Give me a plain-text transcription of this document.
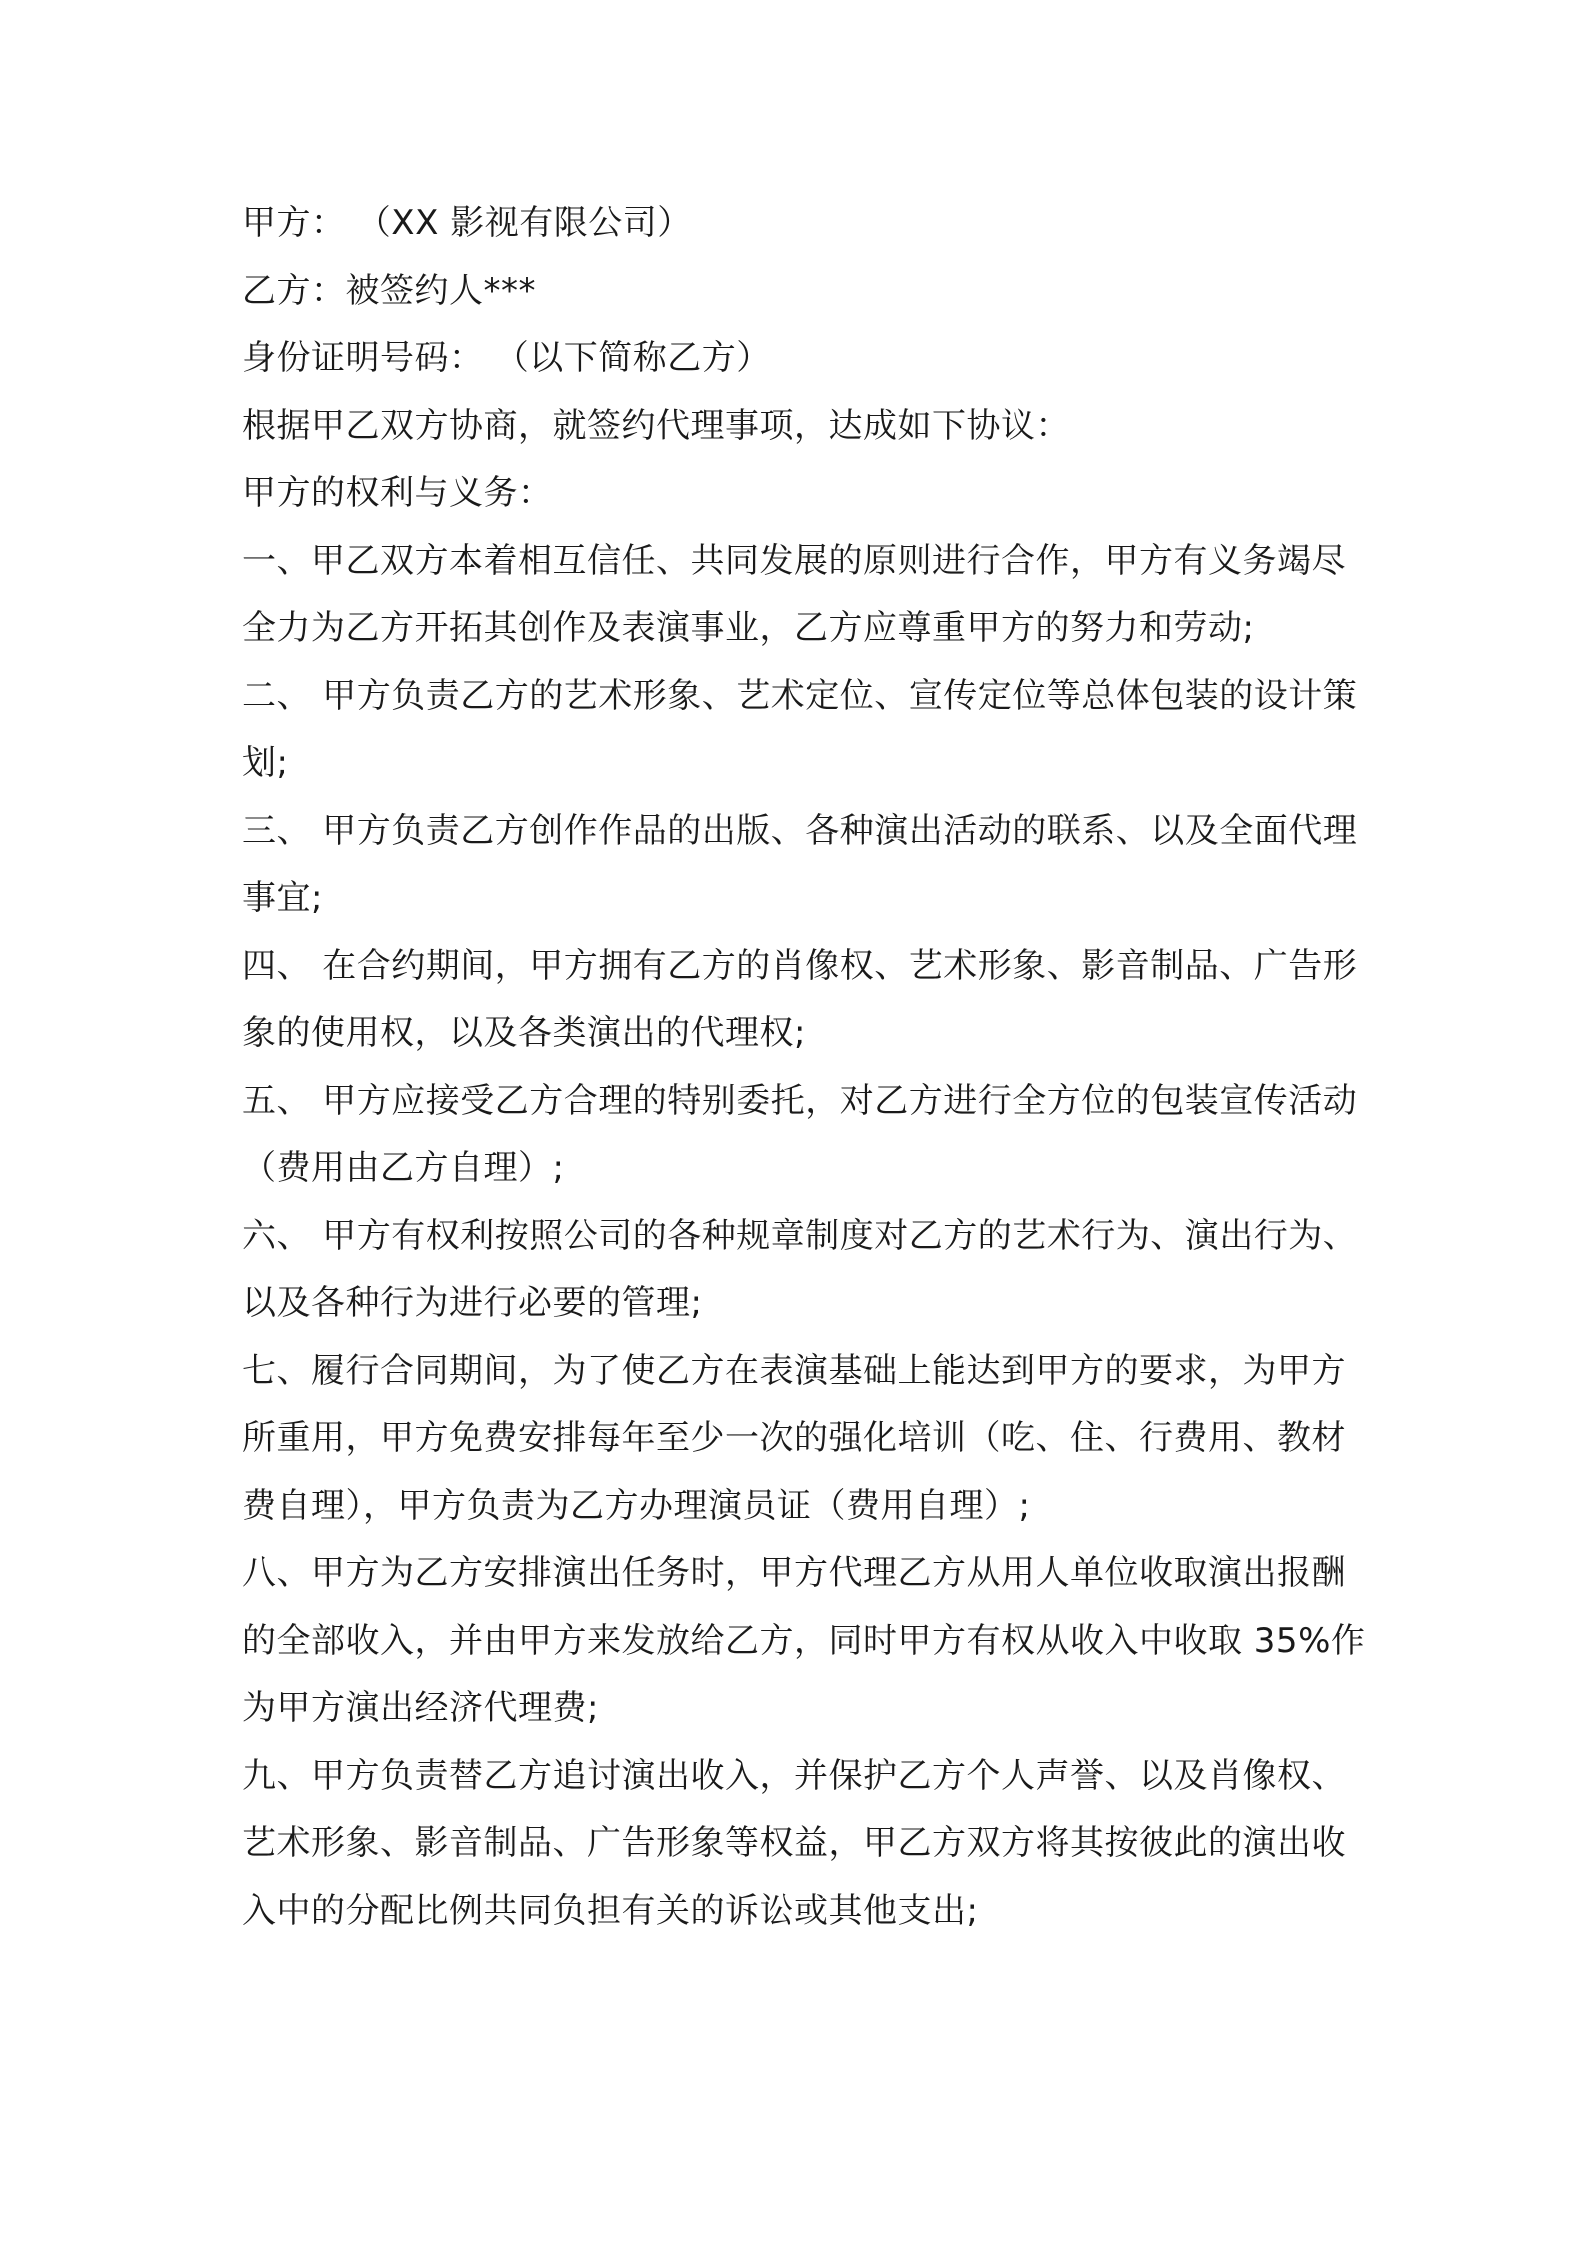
甲方： （XX 影视有限公司）

乙方：被签约人***

身份证明号码： （以下简称乙方）

根据甲乙双方协商，就签约代理事项，达成如下协议：

甲方的权利与义务：

一、甲乙双方本着相互信任、共同发展的原则进行合作，甲方有义务竭尽全力为乙方开拓其创作及表演事业，乙方应尊重甲方的努力和劳动;

二、 甲方负责乙方的艺术形象、艺术定位、宣传定位等总体包装的设计策划;

三、 甲方负责乙方创作作品的出版、各种演出活动的联系、以及全面代理事宜;

四、 在合约期间，甲方拥有乙方的肖像权、艺术形象、影音制品、广告形象的使用权，以及各类演出的代理权;

五、 甲方应接受乙方合理的特别委托，对乙方进行全方位的包装宣传活动（费用由乙方自理）;

六、 甲方有权利按照公司的各种规章制度对乙方的艺术行为、演出行为、以及各种行为进行必要的管理;

七、履行合同期间，为了使乙方在表演基础上能达到甲方的要求，为甲方所重用，甲方免费安排每年至少一次的强化培训（吃、住、行费用、教材费自理），甲方负责为乙方办理演员证（费用自理）;

八、甲方为乙方安排演出任务时，甲方代理乙方从用人单位收取演出报酬的全部收入，并由甲方来发放给乙方，同时甲方有权从收入中收取 35%作为甲方演出经济代理费;

九、甲方负责替乙方追讨演出收入，并保护乙方个人声誉、以及肖像权、艺术形象、影音制品、广告形象等权益，甲乙方双方将其按彼此的演出收入中的分配比例共同负担有关的诉讼或其他支出;
